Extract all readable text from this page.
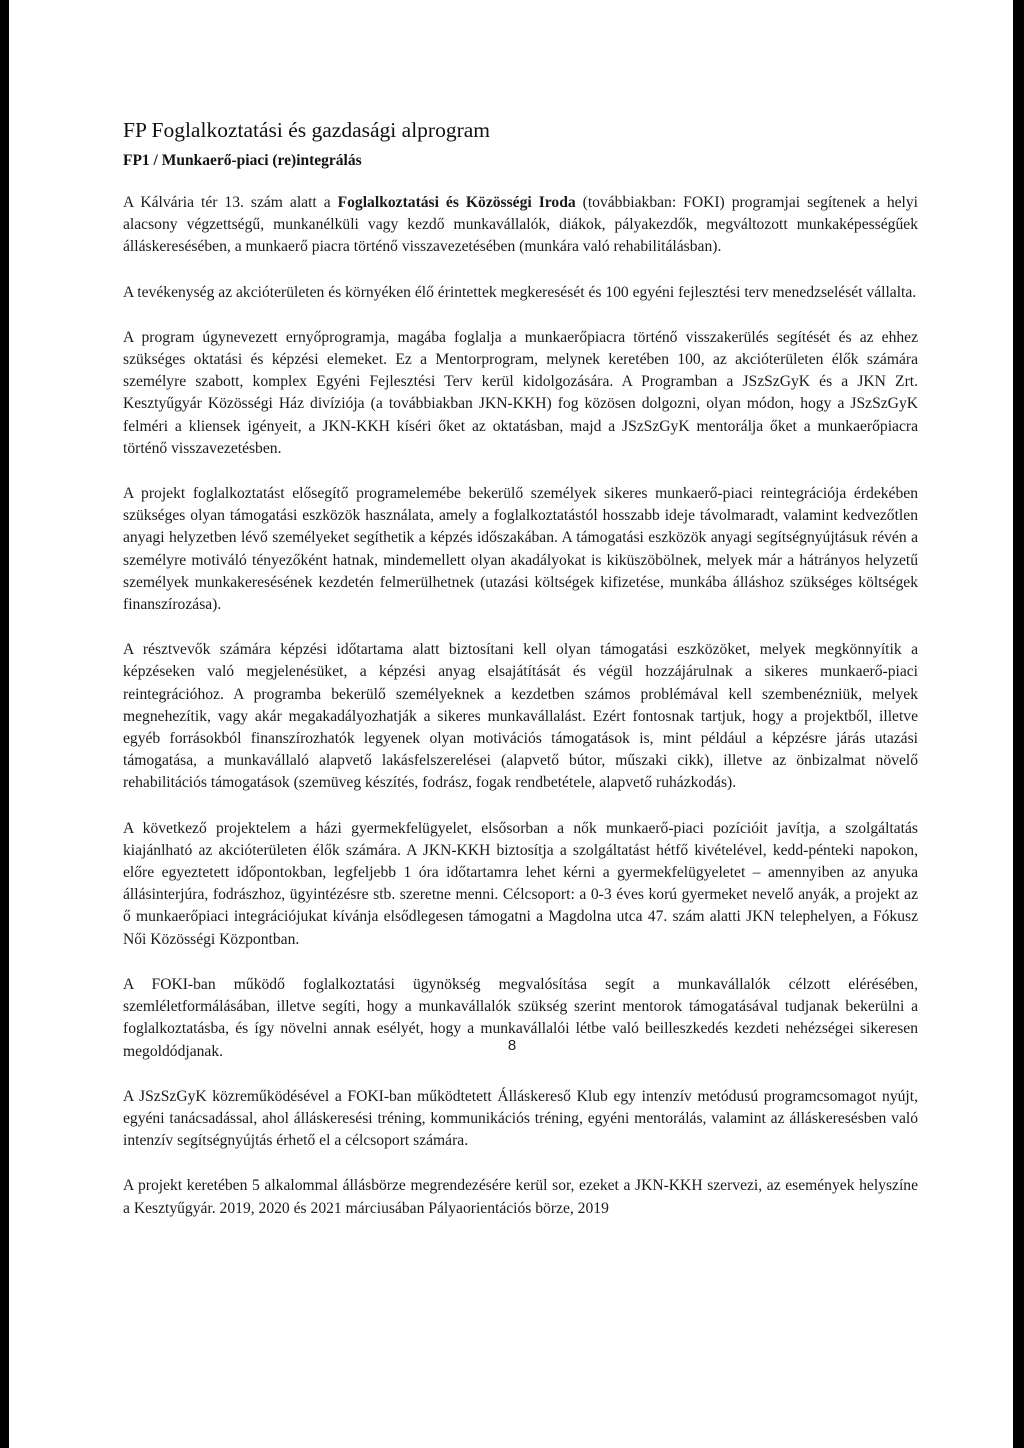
FP Foglalkoztatási és gazdasági alprogram
FP1 / Munkaerő-piaci (re)integrálás

A Kálvária tér 13. szám alatt a Foglalkoztatási és Közösségi Iroda (továbbiakban: FOKI) programjai segítenek a helyi alacsony végzettségű, munkanélküli vagy kezdő munkavállalók, diákok, pályakezdők, megváltozott munkaképességűek álláskeresésében, a munkaerő piacra történő visszavezetésében (munkára való rehabilitálásban).

A tevékenység az akcióterületen és környéken élő érintettek megkeresését és 100 egyéni fejlesztési terv menedzselését vállalta.

A program úgynevezett ernyőprogramja, magába foglalja a munkaerőpiacra történő visszakerülés segítését és az ehhez szükséges oktatási és képzési elemeket. Ez a Mentorprogram, melynek keretében 100, az akcióterületen élők számára személyre szabott, komplex Egyéni Fejlesztési Terv kerül kidolgozására. A Programban a JSzSzGyK és a JKN Zrt. Kesztyűgyár Közösségi Ház divíziója (a továbbiakban JKN-KKH) fog közösen dolgozni, olyan módon, hogy a JSzSzGyK felméri a kliensek igényeit, a JKN-KKH kíséri őket az oktatásban, majd a JSzSzGyK mentorálja őket a munkaerőpiacra történő visszavezetésben.

A projekt foglalkoztatást elősegítő programelemébe bekerülő személyek sikeres munkaerő-piaci reintegrációja érdekében szükséges olyan támogatási eszközök használata, amely a foglalkoztatástól hosszabb ideje távolmaradt, valamint kedvezőtlen anyagi helyzetben lévő személyeket segíthetik a képzés időszakában. A támogatási eszközök anyagi segítségnyújtásuk révén a személyre motiváló tényezőként hatnak, mindemellett olyan akadályokat is kiküszöbölnek, melyek már a hátrányos helyzetű személyek munkakeresésének kezdetén felmerülhetnek (utazási költségek kifizetése, munkába álláshoz szükséges költségek finanszírozása).

A résztvevők számára képzési időtartama alatt biztosítani kell olyan támogatási eszközöket, melyek megkönnyítik a képzéseken való megjelenésüket, a képzési anyag elsajátítását és végül hozzájárulnak a sikeres munkaerő-piaci reintegrációhoz. A programba bekerülő személyeknek a kezdetben számos problémával kell szembenézniük, melyek megnehezítik, vagy akár megakadályozhatják a sikeres munkavállalást. Ezért fontosnak tartjuk, hogy a projektből, illetve egyéb forrásokból finanszírozhatók legyenek olyan motivációs támogatások is, mint például a képzésre járás utazási támogatása, a munkavállaló alapvető lakásfelszerelései (alapvető bútor, műszaki cikk), illetve az önbizalmat növelő rehabilitációs támogatások (szemüveg készítés, fodrász, fogak rendbetétele, alapvető ruházkodás).

A következő projektelem a házi gyermekfelügyelet, elsősorban a nők munkaerő-piaci pozícióit javítja, a szolgáltatás kiajánlható az akcióterületen élők számára. A JKN-KKH biztosítja a szolgáltatást hétfő kivételével, kedd-pénteki napokon, előre egyeztetett időpontokban, legfeljebb 1 óra időtartamra lehet kérni a gyermekfelügyeletet – amennyiben az anyuka állásinterjúra, fodrászhoz, ügyintézésre stb. szeretne menni. Célcsoport: a 0-3 éves korú gyermeket nevelő anyák, a projekt az ő munkaerőpiaci integrációjukat kívánja elsődlegesen támogatni a Magdolna utca 47. szám alatti JKN telephelyen, a Fókusz Női Közösségi Központban.

A FOKI-ban működő foglalkoztatási ügynökség megvalósítása segít a munkavállalók célzott elérésében, szemléletformálásában, illetve segíti, hogy a munkavállalók szükség szerint mentorok támogatásával tudjanak bekerülni a foglalkoztatásba, és így növelni annak esélyét, hogy a munkavállalói létbe való beilleszkedés kezdeti nehézségei sikeresen megoldódjanak.

A JSzSzGyK közreműködésével a FOKI-ban működtetett Álláskereső Klub egy intenzív metódusú programcsomagot nyújt, egyéni tanácsadással, ahol álláskeresési tréning, kommunikációs tréning, egyéni mentorálás, valamint az álláskeresésben való intenzív segítségnyújtás érhető el a célcsoport számára.

A projekt keretében 5 alkalommal állásbörze megrendezésére kerül sor, ezeket a JKN-KKH szervezi, az események helyszíne a Kesztyűgyár. 2019, 2020 és 2021 márciusában Pályaorientációs börze, 2019

8
